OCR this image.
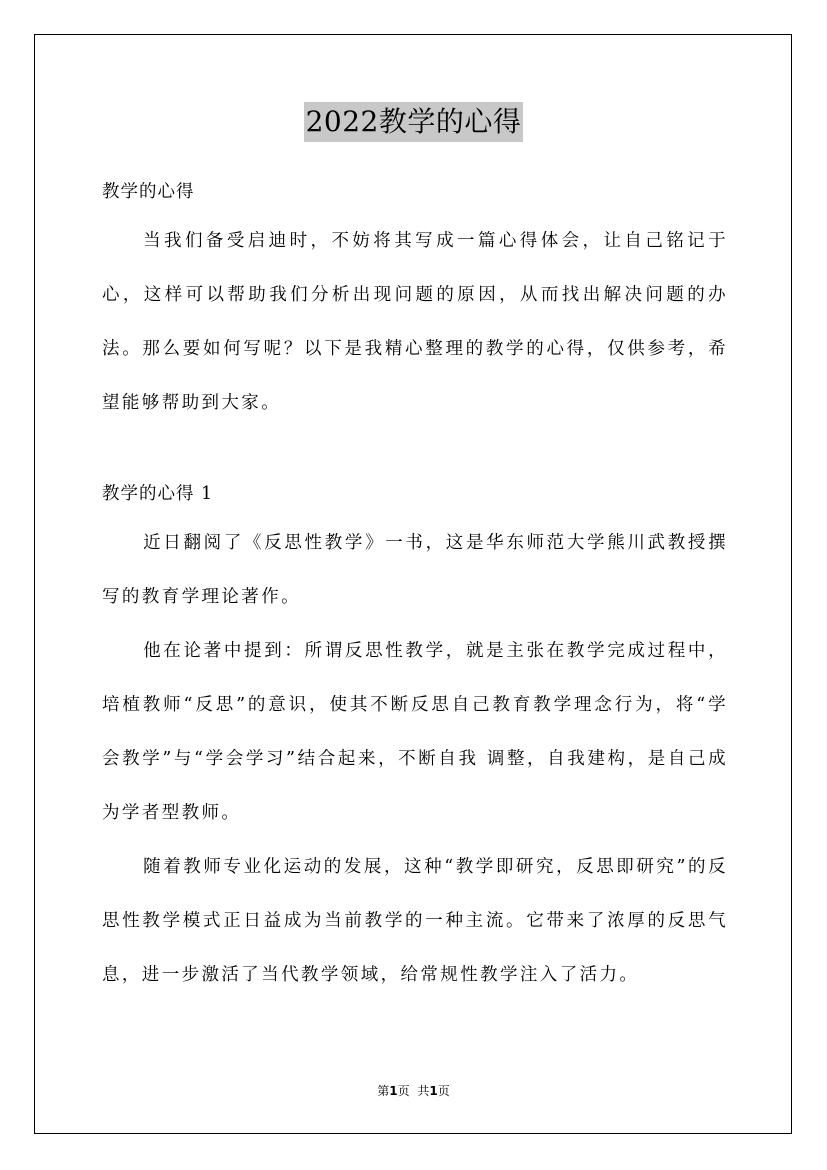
2022教学的心得

教学的心得

当我们备受启迪时，不妨将其写成一篇心得体会，让自己铭记于心，这样可以帮助我们分析出现问题的原因，从而找出解决问题的办法。那么要如何写呢？以下是我精心整理的教学的心得，仅供参考，希望能够帮助到大家。

教学的心得 1

近日翻阅了《反思性教学》一书，这是华东师范大学熊川武教授撰写的教育学理论著作。

他在论著中提到：所谓反思性教学，就是主张在教学完成过程中，培植教师“反思”的意识，使其不断反思自己教育教学理念行为，将“学会教学”与“学会学习”结合起来，不断自我 调整，自我建构，是自己成为学者型教师。

随着教师专业化运动的发展，这种“教学即研究，反思即研究”的反思性教学模式正日益成为当前教学的一种主流。它带来了浓厚的反思气息，进一步激活了当代教学领域，给常规性教学注入了活力。

第1页 共1页
